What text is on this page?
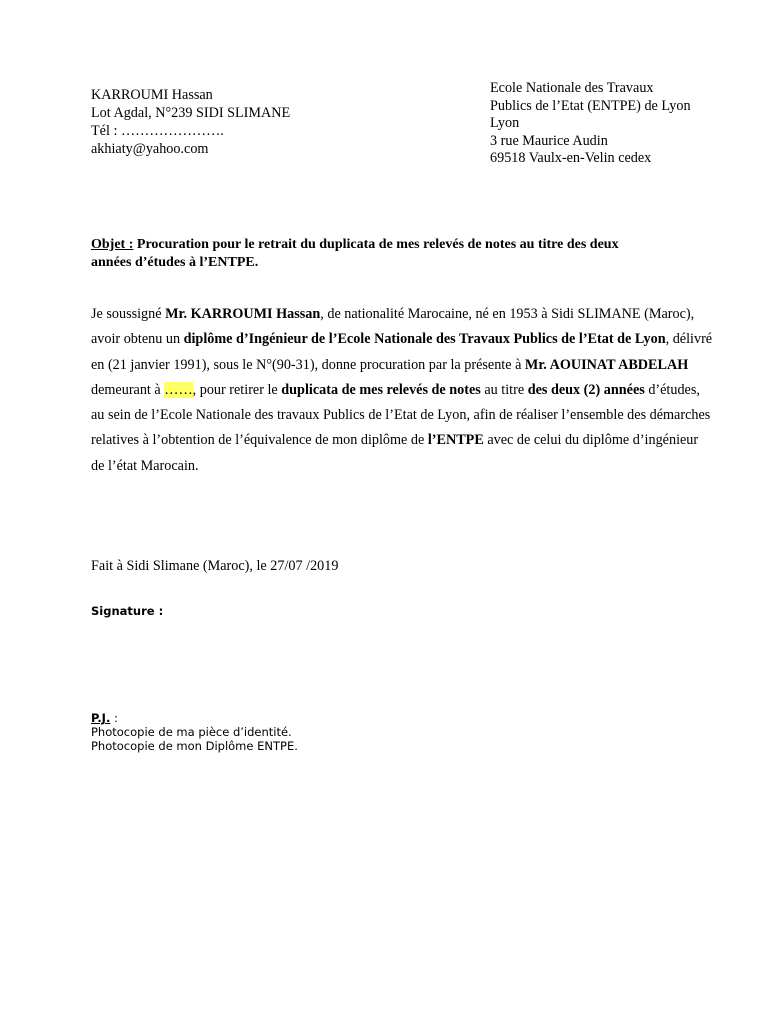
KARROUMI Hassan
Lot Agdal, N°239 SIDI SLIMANE
Tél : ………………….
akhiaty@yahoo.com
Ecole Nationale des Travaux
Publics de l’Etat (ENTPE) de Lyon
Lyon
3 rue Maurice Audin
69518 Vaulx-en-Velin cedex
Objet : Procuration pour le retrait du duplicata de mes relevés de notes au titre des deux
années d’études à l’ENTPE.
Je soussigné Mr. KARROUMI Hassan, de nationalité Marocaine, né en 1953 à Sidi SLIMANE (Maroc), avoir obtenu un diplôme d’Ingénieur de l’Ecole Nationale des Travaux Publics de l’Etat de Lyon, délivré en (21 janvier 1991), sous le N°(90-31), donne procuration par la présente à Mr. AOUINAT ABDELAH demeurant à ……, pour retirer le duplicata de mes relevés de notes au titre des deux (2) années d’études, au sein de l’Ecole Nationale des travaux Publics de l’Etat de Lyon, afin de réaliser l’ensemble des démarches relatives à l’obtention de l’équivalence de mon diplôme de l’ENTPE avec de celui du diplôme d’ingénieur de l’état Marocain.
Fait à Sidi Slimane (Maroc), le 27/07 /2019
Signature :
P.J. :
Photocopie de ma pièce d’identité.
Photocopie de mon Diplôme ENTPE.
